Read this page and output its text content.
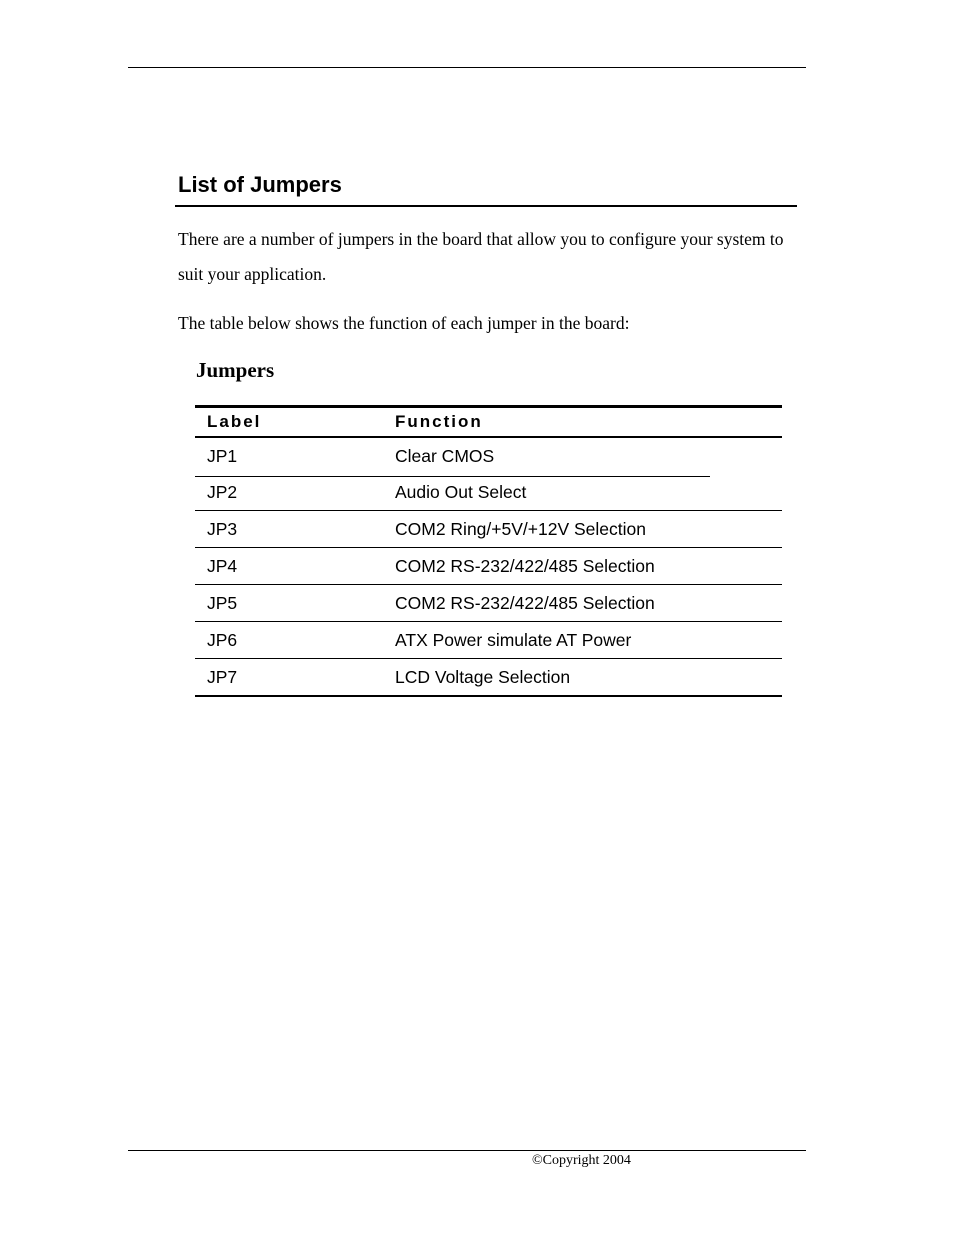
List of Jumpers

There are a number of jumpers in the board that allow you to configure your system to suit your application.

The table below shows the function of each jumper in the board:

Jumpers
Label	Function
JP1	Clear CMOS
JP2	Audio Out Select
JP3	COM2 Ring/+5V/+12V Selection
JP4	COM2 RS-232/422/485 Selection
JP5	COM2 RS-232/422/485 Selection
JP6	ATX Power simulate AT Power
JP7	LCD Voltage Selection
©Copyright 2004
